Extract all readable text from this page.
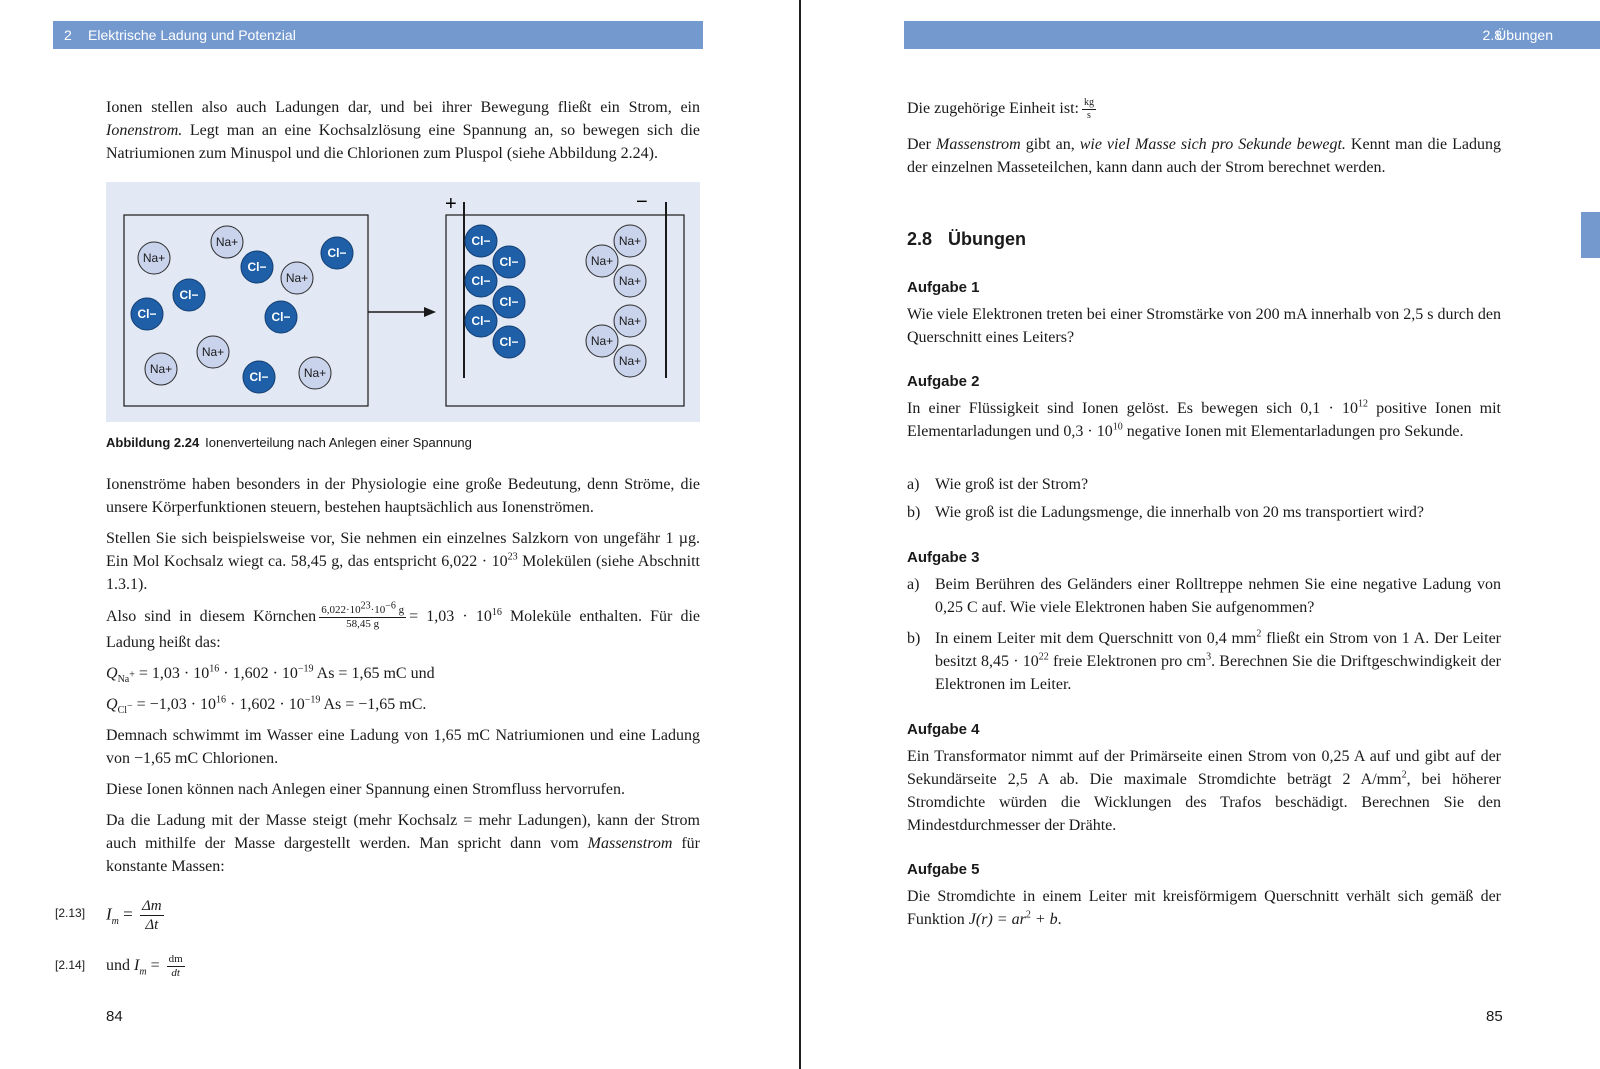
2 Elektrische Ladung und Potenzial

Ionen stellen also auch Ladungen dar, und bei ihrer Bewegung fließt ein Strom, ein Ionenstrom. Legt man an eine Kochsalzlösung eine Spannung an, so bewegen sich die Natriumionen zum Minuspol und die Chlorionen zum Pluspol (siehe Abbildung 2.24).

+	−
Na+
Na+
Cl−
Cl−
Na+
Cl−
Cl−	Cl−
Na+
Na+
Cl−	Na+
Cl−
Cl−
Cl−
Cl−
Cl−
Cl−
Na+
Na+
Na+
Na+
Na+
Na+
Abbildung 2.24 Ionenverteilung nach Anlegen einer Spannung

Ionenströme haben besonders in der Physiologie eine große Bedeutung, denn Ströme, die unsere Körperfunktionen steuern, bestehen hauptsächlich aus Ionenströmen.

Stellen Sie sich beispielsweise vor, Sie nehmen ein einzelnes Salzkorn von ungefähr 1 µg. Ein Mol Kochsalz wiegt ca. 58,45 g, das entspricht $6,022 \cdot 10^{23}$ Molekülen (siehe Abschnitt 1.3.1).

Also sind in diesem Körnchen $\frac{6,022\cdot 1023\cdot 10-6 g}{58,45 g} = 1,03 \cdot 10^{16}$ Moleküle enthalten. Für die Ladung heißt das:

$Q_{Na+} = 1,03 \cdot 10^{16} \cdot 1,602 \cdot 10^{-19}$ As = 1,65 mC und

$Q_{Cl-} = -1,03 \cdot 10^{16} \cdot 1,602 \cdot 10^{-19}$ As = −1,65 mC.

Demnach schwimmt im Wasser eine Ladung von 1,65 mC Natriumionen und eine Ladung von −1,65 mC Chlorionen.

Diese Ionen können nach Anlegen einer Spannung einen Stromfluss hervorrufen.

Da die Ladung mit der Masse steigt (mehr Kochsalz = mehr Ladungen), kann der Strom auch mithilfe der Masse dargestellt werden. Man spricht dann vom Massenstrom für konstante Massen:

[2.13] $I_m = \frac{\Delta m}{\Delta t}$
[2.14] und $I_m = \frac{dm}{dt}$
84
2.8
Übungen
Die zugehörige Einheit ist: $\frac{kg}{s}$

Der Massenstrom gibt an, wie viel Masse sich pro Sekunde bewegt. Kennt man die Ladung der einzelnen Masseteilchen, kann dann auch der Strom berechnet werden.

2.8 Übungen
Aufgabe 1
Wie viele Elektronen treten bei einer Stromstärke von 200 mA innerhalb von 2,5 s durch den Querschnitt eines Leiters?
Aufgabe 2
In einer Flüssigkeit sind Ionen gelöst. Es bewegen sich $0,1 \cdot 10^{12}$ positive Ionen mit Elementarladungen und $0,3 \cdot 10^{10}$ negative Ionen mit Elementarladungen pro Sekunde.
a) Wie groß ist der Strom?
b) Wie groß ist die Ladungsmenge, die innerhalb von 20 ms transportiert wird?
Aufgabe 3
a) Beim Berühren des Geländers einer Rolltreppe nehmen Sie eine negative Ladung von 0,25 C auf. Wie viele Elektronen haben Sie aufgenommen?
b) In einem Leiter mit dem Querschnitt von 0,4 $mm^2$ fließt ein Strom von 1 A. Der Leiter besitzt $8,45 \cdot 10^{22}$ freie Elektronen pro $cm^3$. Berechnen Sie die Driftgeschwindigkeit der Elektronen im Leiter.
Aufgabe 4
Ein Transformator nimmt auf der Primärseite einen Strom von 0,25 A auf und gibt auf der Sekundärseite 2,5 A ab. Die maximale Stromdichte beträgt 2 $A/mm^2$, bei höherer Stromdichte würden die Wicklungen des Trafos beschädigt. Berechnen Sie den Mindestdurchmesser der Drähte.
Aufgabe 5
Die Stromdichte in einem Leiter mit kreisförmigem Querschnitt verhält sich gemäß der Funktion $J(r) = ar^2 + b$.
85
